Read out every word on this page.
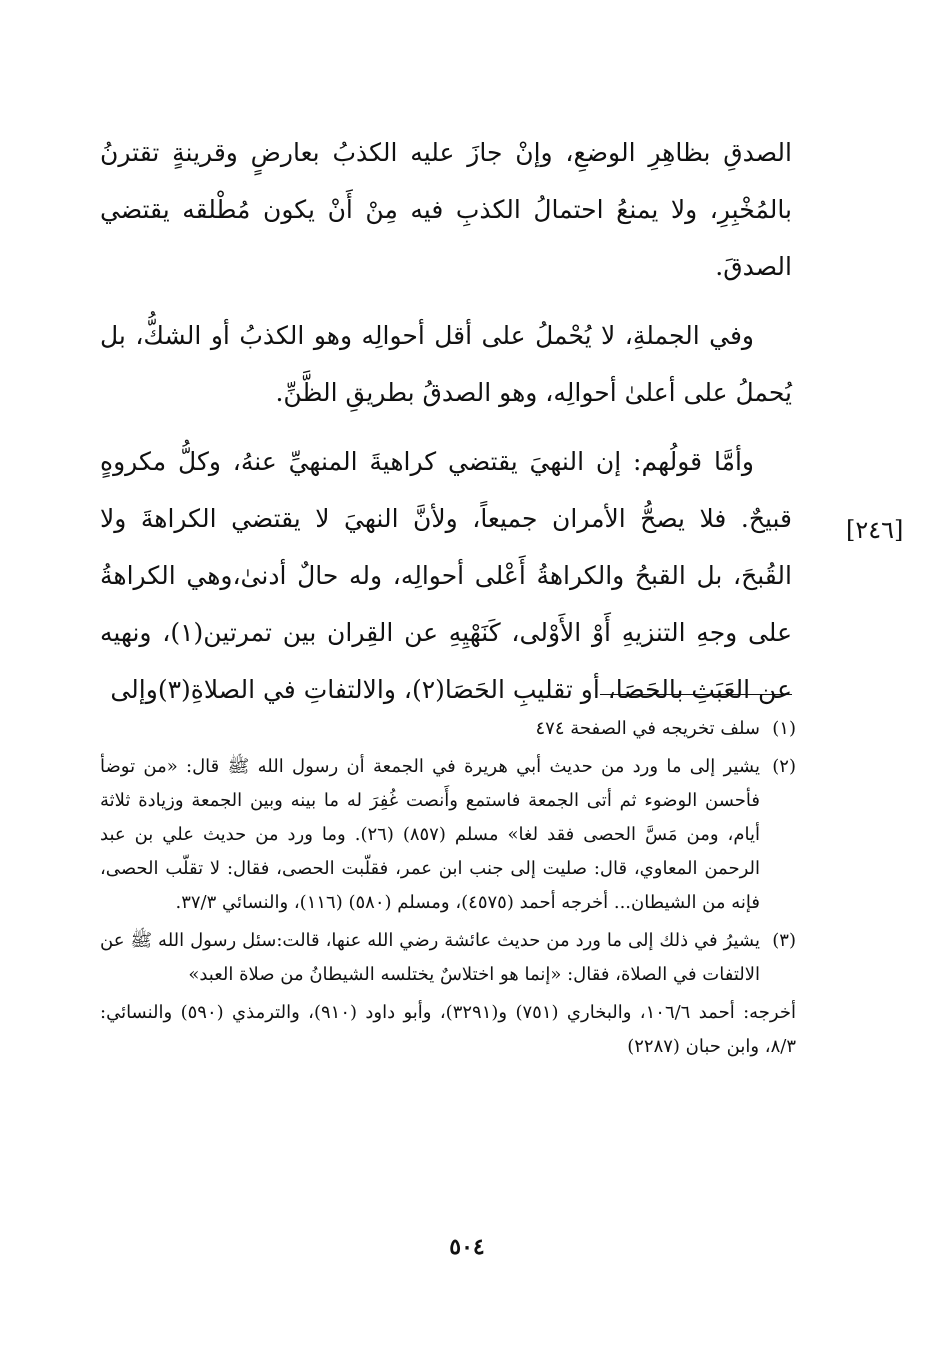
الصدقِ بظاهِرِ الوضعِ، وإنْ جازَ عليه الكذبُ بعارضٍ وقرينةٍ تقترنُ بالمُخْبِرِ، ولا يمنعُ احتمالُ الكذبِ فيه مِنْ أَنْ يكون مُطْلقه يقتضي الصدقَ.

وفي الجملةِ، لا يُحْملُ على أقل أحوالِه وهو الكذبُ أو الشكُّ، بل يُحملُ على أعلىٰ أحوالِه، وهو الصدقُ بطريقِ الظَّنِّ.

وأمَّا قولُهم: إن النهيَ يقتضي كراهيةَ المنهيِّ عنهُ، وكلُّ مكروهٍ قبيحٌ. فلا يصحُّ الأمران جميعاً، ولأنَّ النهيَ لا يقتضي الكراهةَ ولا القُبحَ، بل القبحُ والكراهةُ أَعْلى أحوالِه، وله حالٌ أدنىٰ،وهي الكراهةُ على وجهِ التنزيهِ أَوْ الأَوْلى، كَنَهْيِهِ عن القِران بين تمرتين(١)، ونهيه عن العَبَثِ بالحَصَا، أو تقليبِ الحَصَا(٢)، والالتفاتِ في الصلاةِ(٣)وإلى

[٢٤٦]
(١)
سلف تخريجه في الصفحة ٤٧٤
(٢)
يشير إلى ما ورد من حديث أبي هريرة في الجمعة أن رسول الله ﷺ قال: «من توضأ فأحسن الوضوء ثم أتى الجمعة فاستمع وأَنصت غُفِرَ له ما بينه وبين الجمعة وزيادة ثلاثة أيام، ومن مَسَّ الحصى فقد لغا» مسلم (٨٥٧) (٢٦). وما ورد من حديث علي بن عبد الرحمن المعاوي، قال: صليت إلى جنب ابن عمر، فقلّبت الحصى، فقال: لا تقلّب الحصى، فإنه من الشيطان... أخرجه أحمد (٤٥٧٥)، ومسلم (٥٨٠) (١١٦)، والنسائي ٣٧/٣.
(٣)
يشيرُ في ذلك إلى ما ورد من حديث عائشة رضي الله عنها، قالت:سئل رسول الله ﷺ عن الالتفات في الصلاة، فقال: «إنما هو اختلاسٌ يختلسه الشيطانُ من صلاة العبد»

أخرجه: أحمد ١٠٦/٦، والبخاري (٧٥١) و(٣٢٩١)، وأبو داود (٩١٠)، والترمذي (٥٩٠) والنسائي: ٨/٣، وابن حبان (٢٢٨٧)

٥٠٤
